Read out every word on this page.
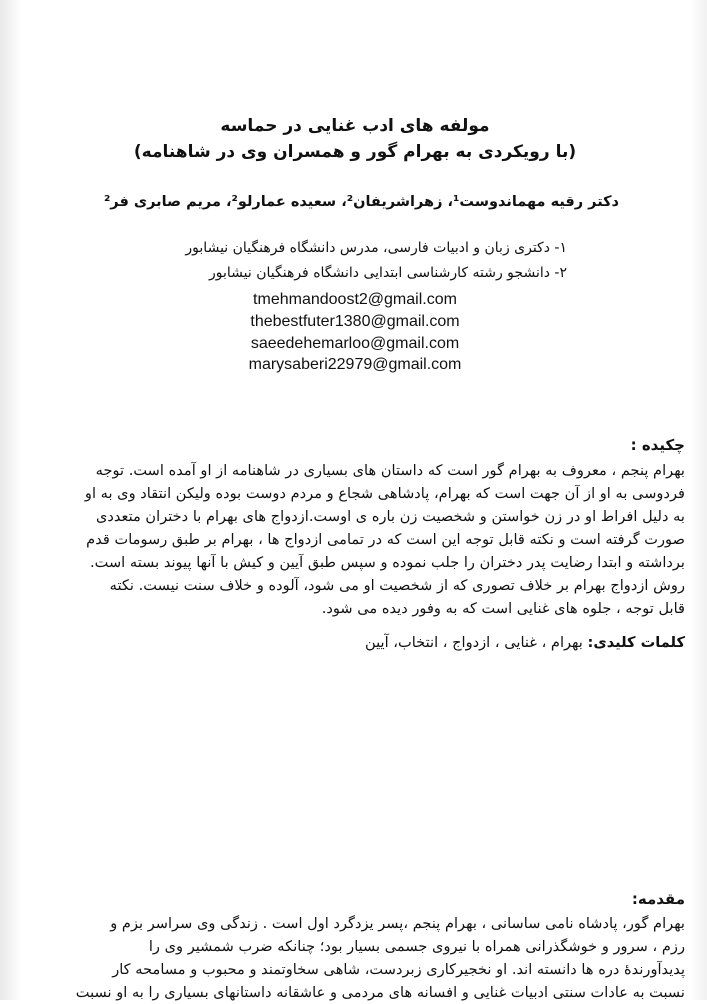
مولفه های ادب غنایی در حماسه
(با رویکردی به بهرام گور و همسران وی در شاهنامه)
دکتر رقیه مهماندوست¹، زهراشریفان²، سعیده عمارلو²، مریم صابری فر²
۱- دکتری زبان و ادبیات فارسی، مدرس دانشگاه فرهنگیان نیشابور
۲- دانشجو رشته کارشناسی ابتدایی دانشگاه فرهنگیان نیشابور
tmehmandoost2@gmail.com
thebestfuter1380@gmail.com
saeedehemarloo@gmail.com
marysaberi22979@gmail.com
چکیده :
بهرام پنجم ، معروف به بهرام گور است که داستان های بسیاری در شاهنامه از او آمده است. توجه
فردوسی به او از آن جهت است که بهرام، پادشاهی شجاع و مردم دوست بوده ولیکن انتقاد وی به او
به دلیل افراط او در زن خواستن و شخصیت زن باره ی اوست.ازدواج های بهرام با دختران متعددی
صورت گرفته است و نکته قابل توجه این است که در تمامی ازدواج ها ، بهرام بر طبق رسومات قدم
برداشته و ابتدا رضایت پدر دختران را جلب نموده و سپس طبق آیین و کیش با آنها پیوند بسته است.
روش ازدواج بهرام بر خلاف تصوری که از شخصیت او می شود، آلوده و خلاف سنت نیست. نکته
قابل توجه ، جلوه های غنایی است که به وفور دیده می شود.
کلمات کلیدی: بهرام ، غنایی ، ازدواج ، انتخاب، آیین
مقدمه:
بهرام گور، پادشاه نامی ساسانی ، بهرام پنجم ،پسر یزدگرد اول است . زندگی وی سراسر بزم و
رزم ، سرور و خوشگذرانی همراه با نیروی جسمی بسیار بود؛ چنانکه ضرب شمشیر وی را
پدیدآورندهٔ دره ها دانسته اند. او نخجیرکاری زبردست، شاهی سخاوتمند و محبوب و مسامحه کار
نسبت به عادات سنتی ادبیات غنایی و افسانه های مردمی و عاشقانه داستانهای بسیاری را به او نسبت
